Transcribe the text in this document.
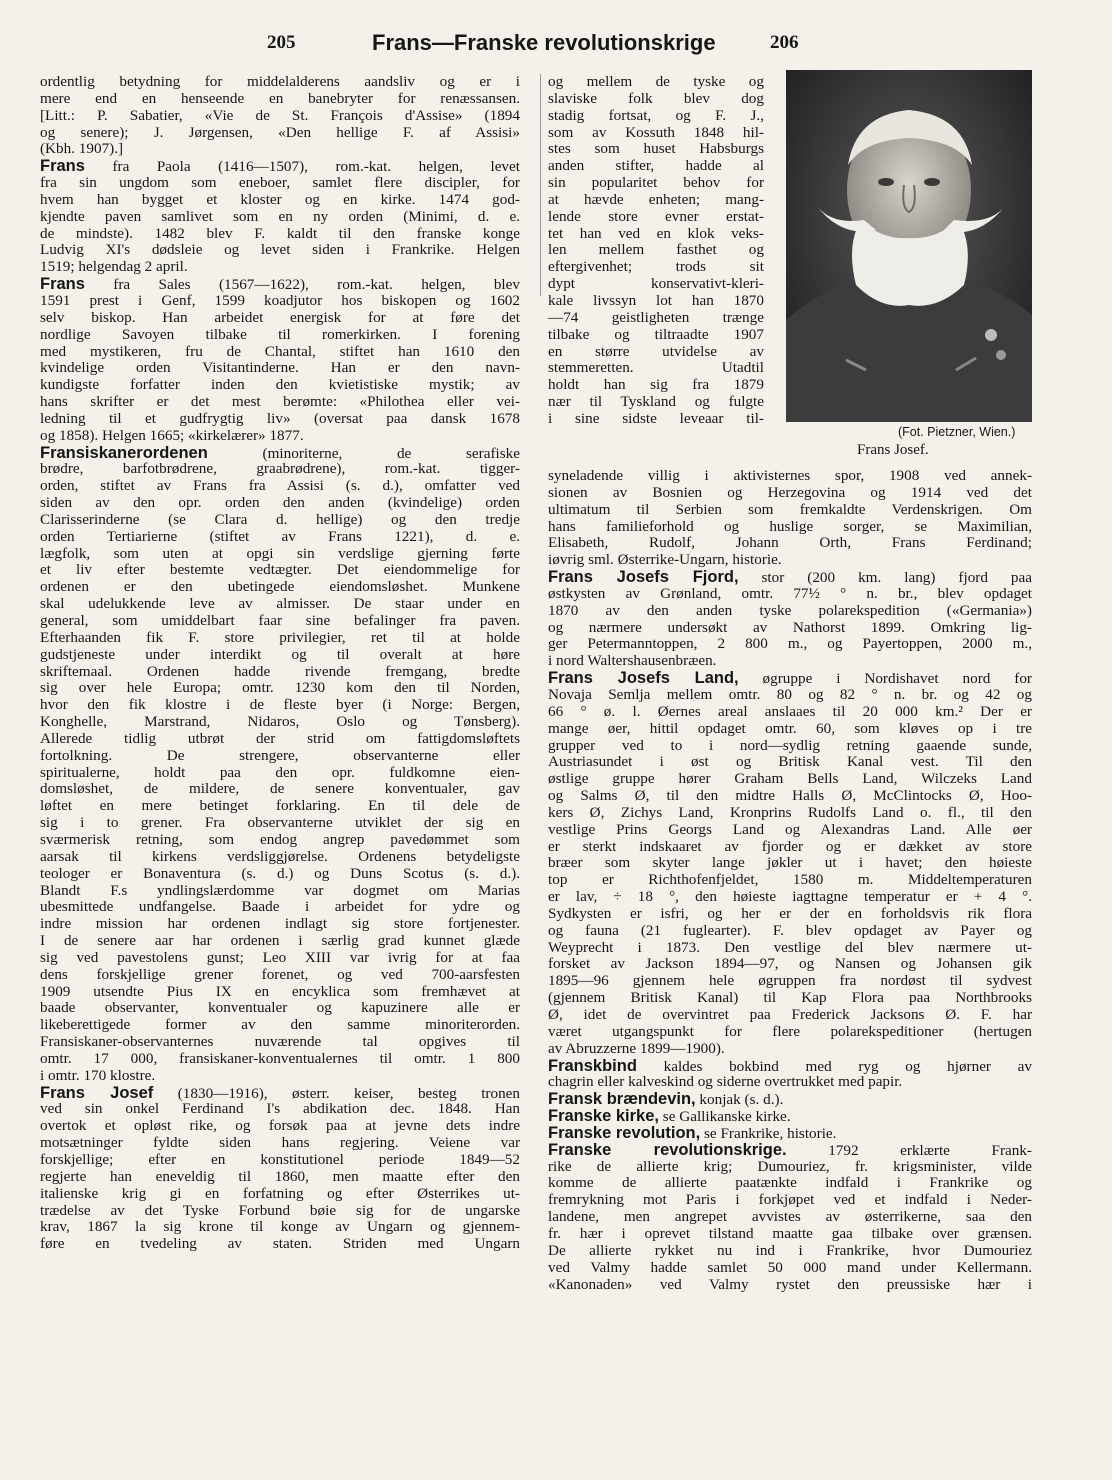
205	Frans—Franske revolutionskrige	206
ordentlig betydning for middelalderens aandsliv og er i
mere end en henseende en banebryter for renæssansen.
[Litt.: P. Sabatier, «Vie de St. François d'Assise» (1894
og senere); J. Jørgensen, «Den hellige F. af Assisi»
(Kbh. 1907).]
Frans fra Paola (1416—1507), rom.-kat. helgen, levet
fra sin ungdom som eneboer, samlet flere discipler, for
hvem han bygget et kloster og en kirke. 1474 god-
kjendte paven samlivet som en ny orden (Minimi, d. e.
de mindste). 1482 blev F. kaldt til den franske konge
Ludvig XI's dødsleie og levet siden i Frankrike. Helgen
1519; helgendag 2 april.
Frans fra Sales (1567—1622), rom.-kat. helgen, blev
1591 prest i Genf, 1599 koadjutor hos biskopen og 1602
selv biskop. Han arbeidet energisk for at føre det
nordlige Savoyen tilbake til romerkirken. I forening
med mystikeren, fru de Chantal, stiftet han 1610 den
kvindelige orden Visitantinderne. Han er den navn-
kundigste forfatter inden den kvietistiske mystik; av
hans skrifter er det mest berømte: «Philothea eller vei-
ledning til et gudfrygtig liv» (oversat paa dansk 1678
og 1858). Helgen 1665; «kirkelærer» 1877.
Fransiskanerordenen (minoriterne, de serafiske
brødre, barfotbrødrene, graabrødrene), rom.-kat. tigger-
orden, stiftet av Frans fra Assisi (s. d.), omfatter ved
siden av den opr. orden den anden (kvindelige) orden
Clarisserinderne (se Clara d. hellige) og den tredje
orden Tertiarierne (stiftet av Frans 1221), d. e.
lægfolk, som uten at opgi sin verdslige gjerning førte
et liv efter bestemte vedtægter. Det eiendommelige for
ordenen er den ubetingede eiendomsløshet. Munkene
skal udelukkende leve av almisser. De staar under en
general, som umiddelbart faar sine befalinger fra paven.
Efterhaanden fik F. store privilegier, ret til at holde
gudstjeneste under interdikt og til overalt at høre
skriftemaal. Ordenen hadde rivende fremgang, bredte
sig over hele Europa; omtr. 1230 kom den til Norden,
hvor den fik klostre i de fleste byer (i Norge: Bergen,
Konghelle, Marstrand, Nidaros, Oslo og Tønsberg).
Allerede tidlig utbrøt der strid om fattigdomsløftets
fortolkning. De strengere, observanterne eller
spiritualerne, holdt paa den opr. fuldkomne eien-
domsløshet, de mildere, de senere konventualer, gav
løftet en mere betinget forklaring. En til dele de
sig i to grener. Fra observanterne utviklet der sig en
sværmerisk retning, som endog angrep pavedømmet som
aarsak til kirkens verdsliggjørelse. Ordenens betydeligste
teologer er Bonaventura (s. d.) og Duns Scotus (s. d.).
Blandt F.s yndlingslærdomme var dogmet om Marias
ubesmittede undfangelse. Baade i arbeidet for ydre og
indre mission har ordenen indlagt sig store fortjenester.
I de senere aar har ordenen i særlig grad kunnet glæde
sig ved pavestolens gunst; Leo XIII var ivrig for at faa
dens forskjellige grener forenet, og ved 700-aarsfesten
1909 utsendte Pius IX en encyklica som fremhævet at
baade observanter, konventualer og kapuzinere alle er
likeberettigede former av den samme minoriterorden.
Fransiskaner-observanternes nuværende tal opgives til
omtr. 17 000, fransiskaner-konventualernes til omtr. 1 800
i omtr. 170 klostre.
Frans Josef (1830—1916), østerr. keiser, besteg tronen
ved sin onkel Ferdinand I's abdikation dec. 1848. Han
overtok et opløst rike, og forsøk paa at jevne dets indre
motsætninger fyldte siden hans regjering. Veiene var
forskjellige; efter en konstitutionel periode 1849—52
regjerte han eneveldig til 1860, men maatte efter den
italienske krig gi en forfatning og efter Østerrikes ut-
trædelse av det Tyske Forbund bøie sig for de ungarske
krav, 1867 la sig krone til konge av Ungarn og gjennem-
føre en tvedeling av staten. Striden med Ungarn
og mellem de tyske og
slaviske folk blev dog
stadig fortsat, og F. J.,
som av Kossuth 1848 hil-
stes som huset Habsburgs
anden stifter, hadde al
sin popularitet behov for
at hævde enheten; mang-
lende store evner erstat-
tet han ved en klok veks-
len mellem fasthet og
eftergivenhet; trods sit
dypt konservativt-kleri-
kale livssyn lot han 1870
—74 geistligheten trænge
tilbake og tiltraadte 1907
en større utvidelse av
stemmeretten. Utadtil
holdt han sig fra 1879
nær til Tyskland og fulgte
i sine sidste leveaar til-
(Fot. Pietzner, Wien.)
Frans Josef.
syneladende villig i aktivisternes spor, 1908 ved annek-
sionen av Bosnien og Herzegovina og 1914 ved det
ultimatum til Serbien som fremkaldte Verdenskrigen. Om
hans familieforhold og huslige sorger, se Maximilian,
Elisabeth, Rudolf, Johann Orth, Frans Ferdinand;
iøvrig sml. Østerrike-Ungarn, historie.
Frans Josefs Fjord, stor (200 km. lang) fjord paa
østkysten av Grønland, omtr. 77½ ° n. br., blev opdaget
1870 av den anden tyske polarekspedition («Germania»)
og nærmere undersøkt av Nathorst 1899. Omkring lig-
ger Petermanntoppen, 2 800 m., og Payertoppen, 2000 m.,
i nord Waltershausenbræen.
Frans Josefs Land, øgruppe i Nordishavet nord for
Novaja Semlja mellem omtr. 80 og 82 ° n. br. og 42 og
66 ° ø. l. Øernes areal anslaaes til 20 000 km.² Der er
mange øer, hittil opdaget omtr. 60, som kløves op i tre
grupper ved to i nord—sydlig retning gaaende sunde,
Austriasundet i øst og Britisk Kanal vest. Til den
østlige gruppe hører Graham Bells Land, Wilczeks Land
og Salms Ø, til den midtre Halls Ø, McClintocks Ø, Hoo-
kers Ø, Zichys Land, Kronprins Rudolfs Land o. fl., til den
vestlige Prins Georgs Land og Alexandras Land. Alle øer
er sterkt indskaaret av fjorder og er dækket av store
bræer som skyter lange jøkler ut i havet; den høieste
top er Richthofenfjeldet, 1580 m. Middeltemperaturen
er lav, ÷ 18 °, den høieste iagttagne temperatur er + 4 °.
Sydkysten er isfri, og her er der en forholdsvis rik flora
og fauna (21 fuglearter). F. blev opdaget av Payer og
Weyprecht i 1873. Den vestlige del blev nærmere ut-
forsket av Jackson 1894—97, og Nansen og Johansen gik
1895—96 gjennem hele øgruppen fra nordøst til sydvest
(gjennem Britisk Kanal) til Kap Flora paa Northbrooks
Ø, idet de overvintret paa Frederick Jacksons Ø. F. har
været utgangspunkt for flere polarekspeditioner (hertugen
av Abruzzerne 1899—1900).
Franskbind kaldes bokbind med ryg og hjørner av
chagrin eller kalveskind og siderne overtrukket med papir.
Fransk brændevin, konjak (s. d.).
Franske kirke, se Gallikanske kirke.
Franske revolution, se Frankrike, historie.
Franske revolutionskrige. 1792 erklærte Frank-
rike de allierte krig; Dumouriez, fr. krigsminister, vilde
komme de allierte paatænkte indfald i Frankrike og
fremrykning mot Paris i forkjøpet ved et indfald i Neder-
landene, men angrepet avvistes av østerrikerne, saa den
fr. hær i oprevet tilstand maatte gaa tilbake over grænsen.
De allierte rykket nu ind i Frankrike, hvor Dumouriez
ved Valmy hadde samlet 50 000 mand under Kellermann.
«Kanonaden» ved Valmy rystet den preussiske hær i
